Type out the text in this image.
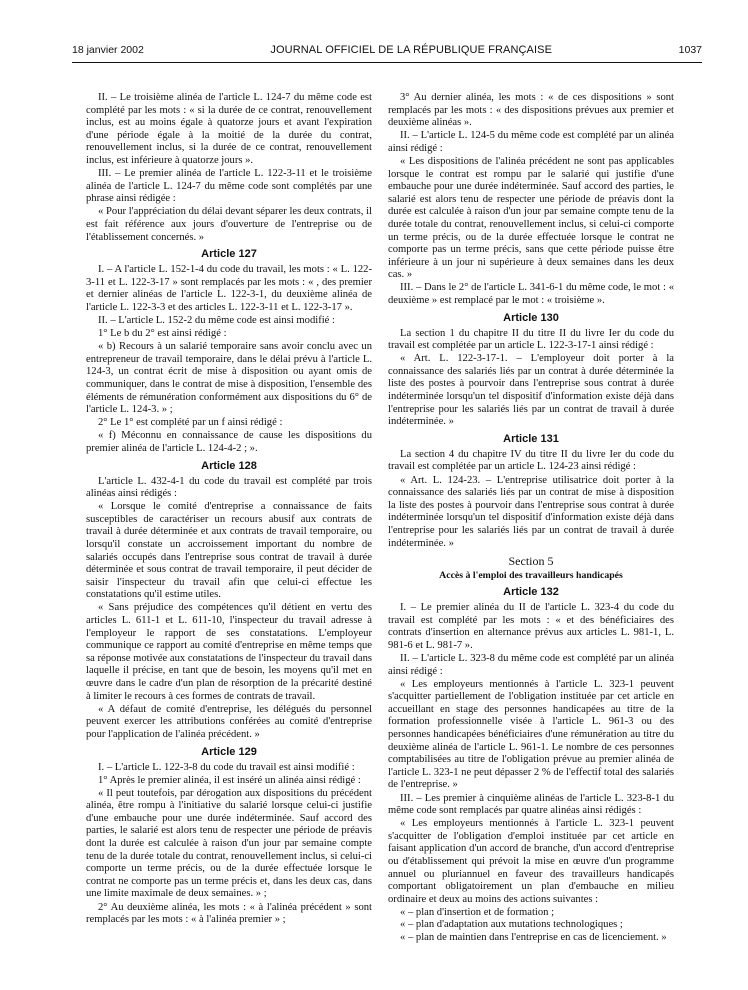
18 janvier 2002	JOURNAL OFFICIEL DE LA RÉPUBLIQUE FRANÇAISE	1037

II. – Le troisième alinéa de l'article L. 124-7 du même code est complété par les mots : « si la durée de ce contrat, renouvellement inclus, est au moins égale à quatorze jours et avant l'expiration d'une période égale à la moitié de la durée du contrat, renouvellement inclus, si la durée de ce contrat, renouvellement inclus, est inférieure à quatorze jours ».

III. – Le premier alinéa de l'article L. 122-3-11 et le troisième alinéa de l'article L. 124-7 du même code sont complétés par une phrase ainsi rédigée :

« Pour l'appréciation du délai devant séparer les deux contrats, il est fait référence aux jours d'ouverture de l'entreprise ou de l'établissement concernés. »

Article 127

I. – A l'article L. 152-1-4 du code du travail, les mots : « L. 122-3-11 et L. 122-3-17 » sont remplacés par les mots : « , des premier et dernier alinéas de l'article L. 122-3-1, du deuxième alinéa de l'article L. 122-3-3 et des articles L. 122-3-11 et L. 122-3-17 ».

II. – L'article L. 152-2 du même code est ainsi modifié :

1° Le b du 2° est ainsi rédigé :

« b) Recours à un salarié temporaire sans avoir conclu avec un entrepreneur de travail temporaire, dans le délai prévu à l'article L. 124-3, un contrat écrit de mise à disposition ou ayant omis de communiquer, dans le contrat de mise à disposition, l'ensemble des éléments de rémunération conformément aux dispositions du 6° de l'article L. 124-3. » ;

2° Le 1° est complété par un f ainsi rédigé :

« f) Méconnu en connaissance de cause les dispositions du premier alinéa de l'article L. 124-4-2 ; ».

Article 128

L'article L. 432-4-1 du code du travail est complété par trois alinéas ainsi rédigés :

« Lorsque le comité d'entreprise a connaissance de faits susceptibles de caractériser un recours abusif aux contrats de travail à durée déterminée et aux contrats de travail temporaire, ou lorsqu'il constate un accroissement important du nombre de salariés occupés dans l'entreprise sous contrat de travail à durée déterminée et sous contrat de travail temporaire, il peut décider de saisir l'inspecteur du travail afin que celui-ci effectue les constatations qu'il estime utiles.

« Sans préjudice des compétences qu'il détient en vertu des articles L. 611-1 et L. 611-10, l'inspecteur du travail adresse à l'employeur le rapport de ses constatations. L'employeur communique ce rapport au comité d'entreprise en même temps que sa réponse motivée aux constatations de l'inspecteur du travail dans laquelle il précise, en tant que de besoin, les moyens qu'il met en œuvre dans le cadre d'un plan de résorption de la précarité destiné à limiter le recours à ces formes de contrats de travail.

« A défaut de comité d'entreprise, les délégués du personnel peuvent exercer les attributions conférées au comité d'entreprise pour l'application de l'alinéa précédent. »

Article 129

I. – L'article L. 122-3-8 du code du travail est ainsi modifié :

1° Après le premier alinéa, il est inséré un alinéa ainsi rédigé :

« Il peut toutefois, par dérogation aux dispositions du précédent alinéa, être rompu à l'initiative du salarié lorsque celui-ci justifie d'une embauche pour une durée indéterminée. Sauf accord des parties, le salarié est alors tenu de respecter une période de préavis dont la durée est calculée à raison d'un jour par semaine compte tenu de la durée totale du contrat, renouvellement inclus, si celui-ci comporte un terme précis, ou de la durée effectuée lorsque le contrat ne comporte pas un terme précis et, dans les deux cas, dans une limite maximale de deux semaines. » ;

2° Au deuxième alinéa, les mots : « à l'alinéa précédent » sont remplacés par les mots : « à l'alinéa premier » ;

3° Au dernier alinéa, les mots : « de ces dispositions » sont remplacés par les mots : « des dispositions prévues aux premier et deuxième alinéas ».

II. – L'article L. 124-5 du même code est complété par un alinéa ainsi rédigé :

« Les dispositions de l'alinéa précédent ne sont pas applicables lorsque le contrat est rompu par le salarié qui justifie d'une embauche pour une durée indéterminée. Sauf accord des parties, le salarié est alors tenu de respecter une période de préavis dont la durée est calculée à raison d'un jour par semaine compte tenu de la durée totale du contrat, renouvellement inclus, si celui-ci comporte un terme précis, ou de la durée effectuée lorsque le contrat ne comporte pas un terme précis, sans que cette période puisse être inférieure à un jour ni supérieure à deux semaines dans les deux cas. »

III. – Dans le 2° de l'article L. 341-6-1 du même code, le mot : « deuxième » est remplacé par le mot : « troisième ».

Article 130

La section 1 du chapitre II du titre II du livre Ier du code du travail est complétée par un article L. 122-3-17-1 ainsi rédigé :

« Art. L. 122-3-17-1. – L'employeur doit porter à la connaissance des salariés liés par un contrat à durée déterminée la liste des postes à pourvoir dans l'entreprise sous contrat à durée indéterminée lorsqu'un tel dispositif d'information existe déjà dans l'entreprise pour les salariés liés par un contrat de travail à durée indéterminée. »

Article 131

La section 4 du chapitre IV du titre II du livre Ier du code du travail est complétée par un article L. 124-23 ainsi rédigé :

« Art. L. 124-23. – L'entreprise utilisatrice doit porter à la connaissance des salariés liés par un contrat de mise à disposition la liste des postes à pourvoir dans l'entreprise sous contrat à durée indéterminée lorsqu'un tel dispositif d'information existe déjà dans l'entreprise pour les salariés liés par un contrat de travail à durée indéterminée. »

Section 5
Accès à l'emploi des travailleurs handicapés
Article 132

I. – Le premier alinéa du II de l'article L. 323-4 du code du travail est complété par les mots : « et des bénéficiaires des contrats d'insertion en alternance prévus aux articles L. 981-1, L. 981-6 et L. 981-7 ».

II. – L'article L. 323-8 du même code est complété par un alinéa ainsi rédigé :

« Les employeurs mentionnés à l'article L. 323-1 peuvent s'acquitter partiellement de l'obligation instituée par cet article en accueillant en stage des personnes handicapées au titre de la formation professionnelle visée à l'article L. 961-3 ou des personnes handicapées bénéficiaires d'une rémunération au titre du deuxième alinéa de l'article L. 961-1. Le nombre de ces personnes comptabilisées au titre de l'obligation prévue au premier alinéa de l'article L. 323-1 ne peut dépasser 2 % de l'effectif total des salariés de l'entreprise. »

III. – Les premier à cinquième alinéas de l'article L. 323-8-1 du même code sont remplacés par quatre alinéas ainsi rédigés :

« Les employeurs mentionnés à l'article L. 323-1 peuvent s'acquitter de l'obligation d'emploi instituée par cet article en faisant application d'un accord de branche, d'un accord d'entreprise ou d'établissement qui prévoit la mise en œuvre d'un programme annuel ou pluriannuel en faveur des travailleurs handicapés comportant obligatoirement un plan d'embauche en milieu ordinaire et deux au moins des actions suivantes :

« – plan d'insertion et de formation ;
« – plan d'adaptation aux mutations technologiques ;
« – plan de maintien dans l'entreprise en cas de licenciement. »
